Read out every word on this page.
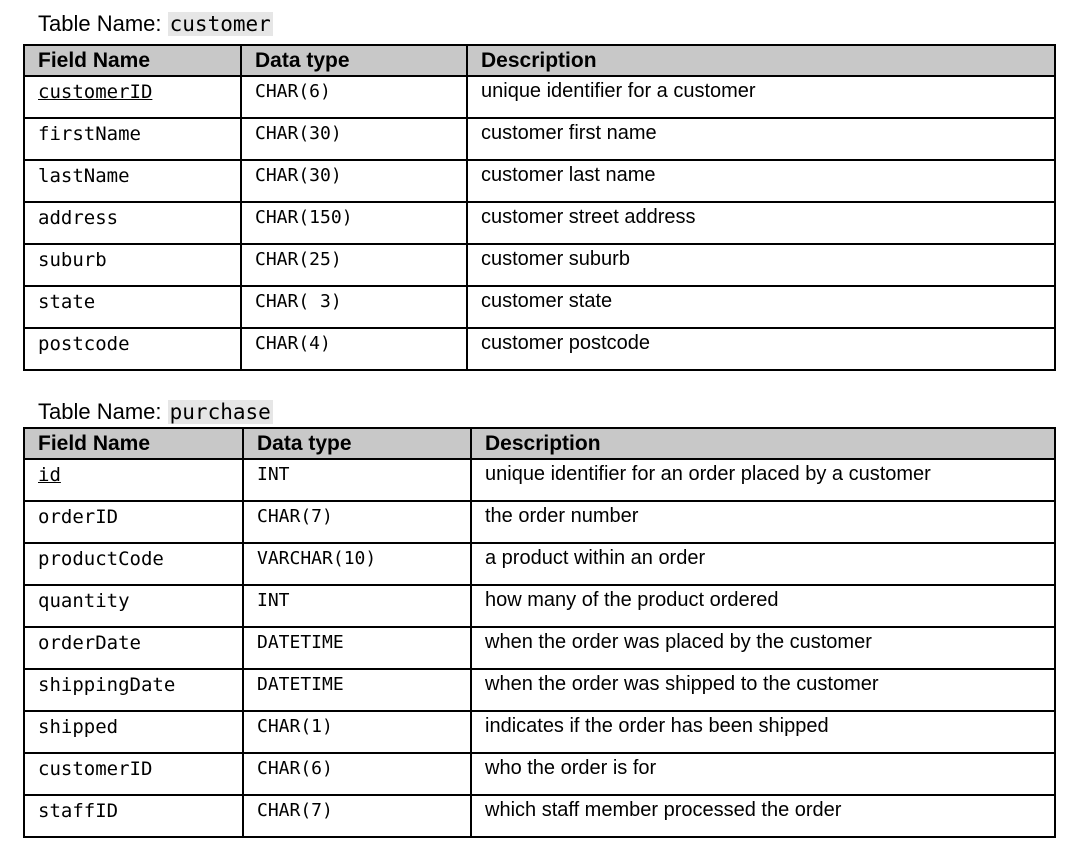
Table Name: customer
Field Name	Data type	Description
customerID	CHAR(6)	unique identifier for a customer
firstName	CHAR(30)	customer first name
lastName	CHAR(30)	customer last name
address	CHAR(150)	customer street address
suburb	CHAR(25)	customer suburb
state	CHAR( 3)	customer state
postcode	CHAR(4)	customer postcode
Table Name: purchase
Field Name	Data type	Description
id	INT	unique identifier for an order placed by a customer
orderID	CHAR(7)	the order number
productCode	VARCHAR(10)	a product within an order
quantity	INT	how many of the product ordered
orderDate	DATETIME	when the order was placed by the customer
shippingDate	DATETIME	when the order was shipped to the customer
shipped	CHAR(1)	indicates if the order has been shipped
customerID	CHAR(6)	who the order is for
staffID	CHAR(7)	which staff member processed the order
